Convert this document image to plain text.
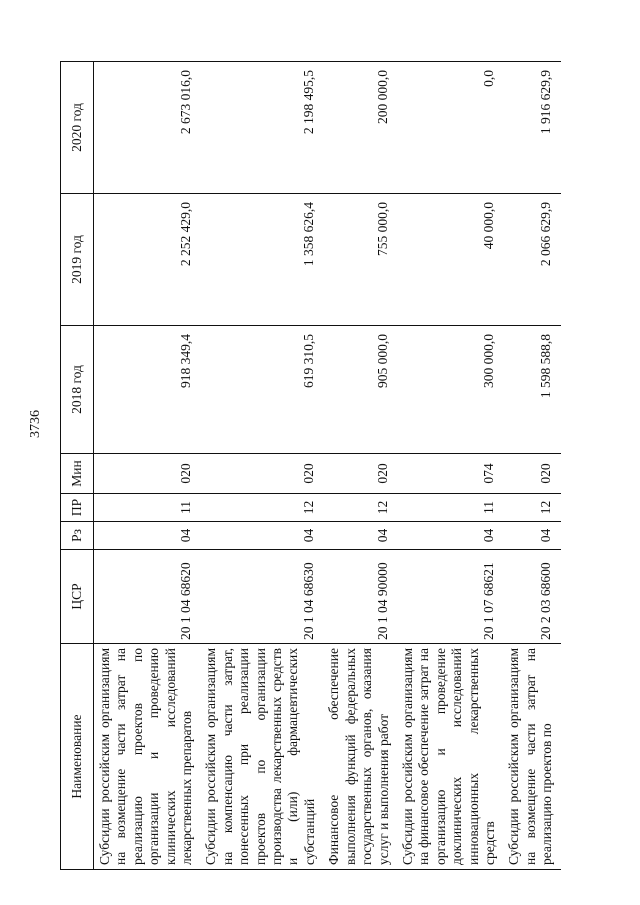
3736
Наименование	ЦСР	Рз	ПР	Мин	2018 год	2019 год	2020 год
Субсидии российским организациям на возмещение части затрат на реализацию проектов по организации и проведению клинических исследований лекарственных препаратов	20 1 04 68620	04	11	020	918 349,4	2 252 429,0	2 673 016,0
Субсидии российским организациям на компенсацию части затрат, понесенных при реализации проектов по организации производства лекарственных средств и (или) фармацевтических субстанций	20 1 04 68630	04	12	020	619 310,5	1 358 626,4	2 198 495,5
Финансовое обеспечение выполнения функций федеральных государственных органов, оказания услуг и выполнения работ	20 1 04 90000	04	12	020	905 000,0	755 000,0	200 000,0
Субсидии российским организациям на финансовое обеспечение затрат на организацию и проведение доклинических исследований инновационных лекарственных средств	20 1 07 68621	04	11	074	300 000,0	40 000,0	0,0
Субсидии российским организациям на возмещение части затрат на реализацию проектов по	20 2 03 68600	04	12	020	1 598 588,8	2 066 629,9	1 916 629,9
